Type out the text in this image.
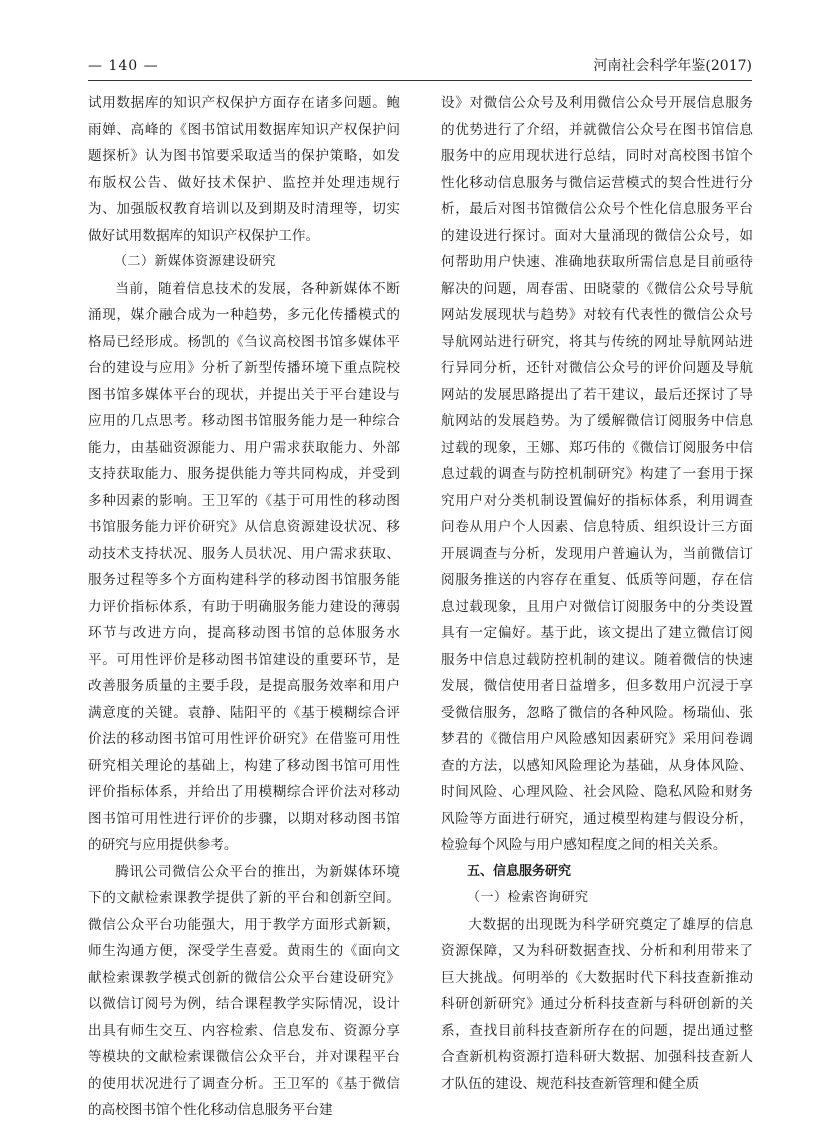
— 140 —	河南社会科学年鉴(2017)

试用数据库的知识产权保护方面存在诸多问题。鲍雨婵、高峰的《图书馆试用数据库知识产权保护问题探析》认为图书馆要采取适当的保护策略，如发布版权公告、做好技术保护、监控并处理违规行为、加强版权教育培训以及到期及时清理等，切实做好试用数据库的知识产权保护工作。

（二）新媒体资源建设研究

当前，随着信息技术的发展，各种新媒体不断涌现，媒介融合成为一种趋势，多元化传播模式的格局已经形成。杨凯的《刍议高校图书馆多媒体平台的建设与应用》分析了新型传播环境下重点院校图书馆多媒体平台的现状，并提出关于平台建设与应用的几点思考。移动图书馆服务能力是一种综合能力，由基础资源能力、用户需求获取能力、外部支持获取能力、服务提供能力等共同构成，并受到多种因素的影响。王卫军的《基于可用性的移动图书馆服务能力评价研究》从信息资源建设状况、移动技术支持状况、服务人员状况、用户需求获取、服务过程等多个方面构建科学的移动图书馆服务能力评价指标体系，有助于明确服务能力建设的薄弱环节与改进方向，提高移动图书馆的总体服务水平。可用性评价是移动图书馆建设的重要环节，是改善服务质量的主要手段，是提高服务效率和用户满意度的关键。袁静、陆阳平的《基于模糊综合评价法的移动图书馆可用性评价研究》在借鉴可用性研究相关理论的基础上，构建了移动图书馆可用性评价指标体系，并给出了用模糊综合评价法对移动图书馆可用性进行评价的步骤，以期对移动图书馆的研究与应用提供参考。

腾讯公司微信公众平台的推出，为新媒体环境下的文献检索课教学提供了新的平台和创新空间。微信公众平台功能强大，用于教学方面形式新颖，师生沟通方便，深受学生喜爱。黄雨生的《面向文献检索课教学模式创新的微信公众平台建设研究》以微信订阅号为例，结合课程教学实际情况，设计出具有师生交互、内容检索、信息发布、资源分享等模块的文献检索课微信公众平台，并对课程平台的使用状况进行了调查分析。王卫军的《基于微信的高校图书馆个性化移动信息服务平台建

设》对微信公众号及利用微信公众号开展信息服务的优势进行了介绍，并就微信公众号在图书馆信息服务中的应用现状进行总结，同时对高校图书馆个性化移动信息服务与微信运营模式的契合性进行分析，最后对图书馆微信公众号个性化信息服务平台的建设进行探讨。面对大量涌现的微信公众号，如何帮助用户快速、准确地获取所需信息是目前亟待解决的问题，周春雷、田晓蒙的《微信公众号导航网站发展现状与趋势》对较有代表性的微信公众号导航网站进行研究，将其与传统的网址导航网站进行异同分析，还针对微信公众号的评价问题及导航网站的发展思路提出了若干建议，最后还探讨了导航网站的发展趋势。为了缓解微信订阅服务中信息过载的现象，王娜、郑巧伟的《微信订阅服务中信息过载的调查与防控机制研究》构建了一套用于探究用户对分类机制设置偏好的指标体系，利用调查问卷从用户个人因素、信息特质、组织设计三方面开展调查与分析，发现用户普遍认为，当前微信订阅服务推送的内容存在重复、低质等问题，存在信息过载现象，且用户对微信订阅服务中的分类设置具有一定偏好。基于此，该文提出了建立微信订阅服务中信息过载防控机制的建议。随着微信的快速发展，微信使用者日益增多，但多数用户沉浸于享受微信服务，忽略了微信的各种风险。杨瑞仙、张梦君的《微信用户风险感知因素研究》采用问卷调查的方法，以感知风险理论为基础，从身体风险、时间风险、心理风险、社会风险、隐私风险和财务风险等方面进行研究，通过模型构建与假设分析，检验每个风险与用户感知程度之间的相关关系。

五、信息服务研究

（一）检索咨询研究

大数据的出现既为科学研究奠定了雄厚的信息资源保障，又为科研数据查找、分析和利用带来了巨大挑战。何明举的《大数据时代下科技查新推动科研创新研究》通过分析科技查新与科研创新的关系，查找目前科技查新所存在的问题，提出通过整合查新机构资源打造科研大数据、加强科技查新人才队伍的建设、规范科技查新管理和健全质
